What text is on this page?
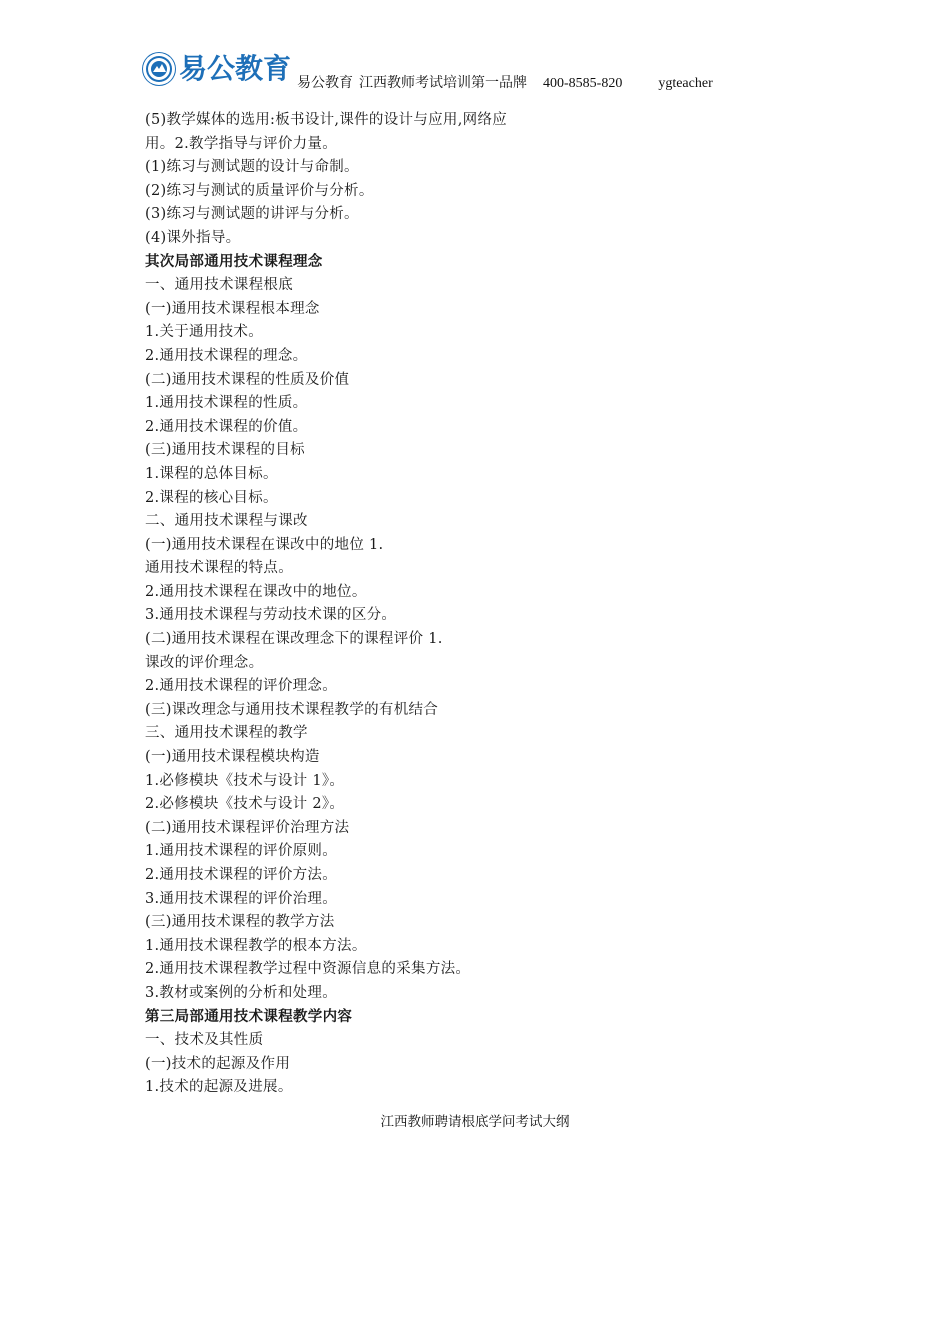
易公教育 易公教育 江西教师考试培训第一品牌 400-8585-820	ygteacher
(5)教学媒体的选用:板书设计,课件的设计与应用,网络应
用。2.教学指导与评价力量。
(1)练习与测试题的设计与命制。
(2)练习与测试的质量评价与分析。
(3)练习与测试题的讲评与分析。
(4)课外指导。
其次局部通用技术课程理念
一、通用技术课程根底
(一)通用技术课程根本理念
1.关于通用技术。
2.通用技术课程的理念。
(二)通用技术课程的性质及价值
1.通用技术课程的性质。
2.通用技术课程的价值。
(三)通用技术课程的目标
1.课程的总体目标。
2.课程的核心目标。
二、通用技术课程与课改
(一)通用技术课程在课改中的地位 1.
通用技术课程的特点。
2.通用技术课程在课改中的地位。
3.通用技术课程与劳动技术课的区分。
(二)通用技术课程在课改理念下的课程评价 1.
课改的评价理念。
2.通用技术课程的评价理念。
(三)课改理念与通用技术课程教学的有机结合
三、通用技术课程的教学
(一)通用技术课程模块构造
1.必修模块《技术与设计 1》。
2.必修模块《技术与设计 2》。
(二)通用技术课程评价治理方法
1.通用技术课程的评价原则。
2.通用技术课程的评价方法。
3.通用技术课程的评价治理。
(三)通用技术课程的教学方法
1.通用技术课程教学的根本方法。
2.通用技术课程教学过程中资源信息的采集方法。
3.教材或案例的分析和处理。
第三局部通用技术课程教学内容
一、技术及其性质
(一)技术的起源及作用
1.技术的起源及进展。
江西教师聘请根底学问考试大纲
